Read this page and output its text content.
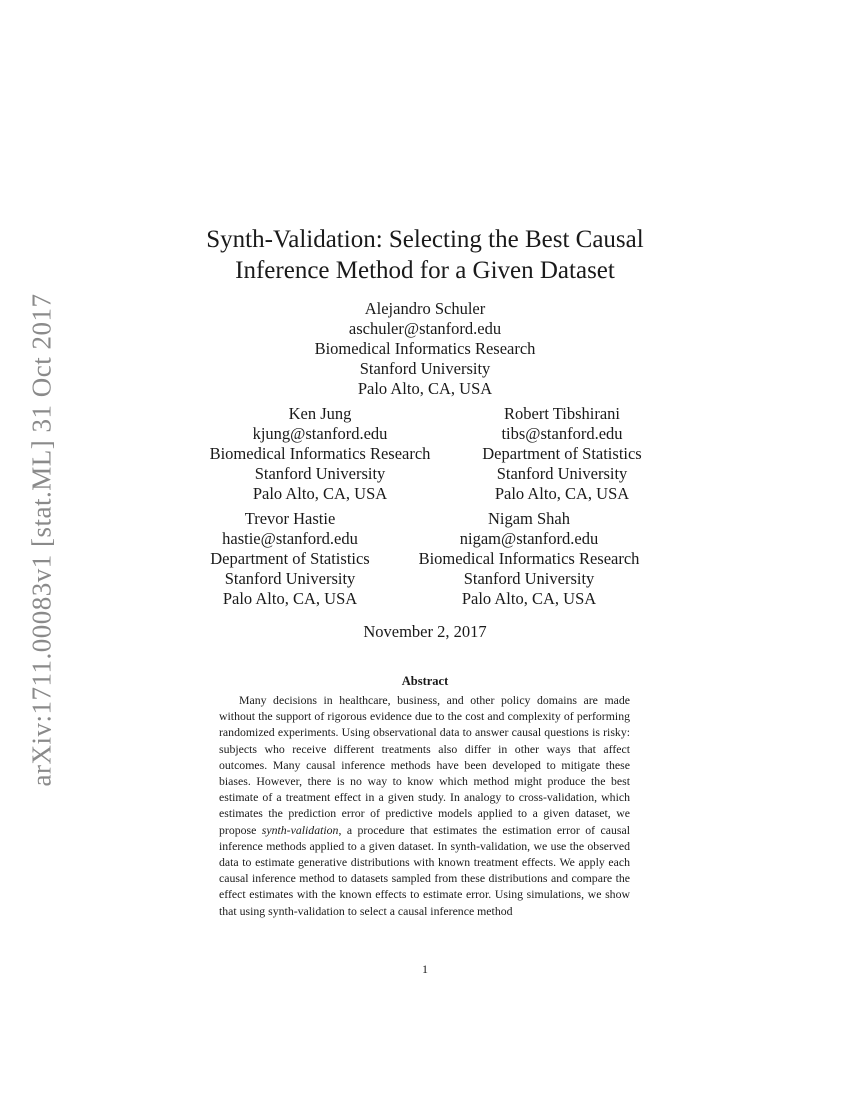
arXiv:1711.00083v1 [stat.ML] 31 Oct 2017
Synth-Validation: Selecting the Best Causal
Inference Method for a Given Dataset
Alejandro Schuler
aschuler@stanford.edu
Biomedical Informatics Research
Stanford University
Palo Alto, CA, USA
Ken Jung
kjung@stanford.edu
Biomedical Informatics Research
Stanford University
Palo Alto, CA, USA
Robert Tibshirani
tibs@stanford.edu
Department of Statistics
Stanford University
Palo Alto, CA, USA
Trevor Hastie
hastie@stanford.edu
Department of Statistics
Stanford University
Palo Alto, CA, USA
Nigam Shah
nigam@stanford.edu
Biomedical Informatics Research
Stanford University
Palo Alto, CA, USA
November 2, 2017
Abstract
Many decisions in healthcare, business, and other policy domains are made without the support of rigorous evidence due to the cost and complexity of performing randomized experiments. Using observational data to answer causal questions is risky: subjects who receive different treatments also differ in other ways that affect outcomes. Many causal inference methods have been developed to mitigate these biases. However, there is no way to know which method might produce the best estimate of a treatment effect in a given study. In analogy to cross-validation, which estimates the prediction error of predictive models applied to a given dataset, we propose synth-validation, a procedure that estimates the estimation error of causal inference methods applied to a given dataset. In synth-validation, we use the observed data to estimate generative distributions with known treatment effects. We apply each causal inference method to datasets sampled from these distributions and compare the effect estimates with the known effects to estimate error. Using simulations, we show that using synth-validation to select a causal inference method
1
